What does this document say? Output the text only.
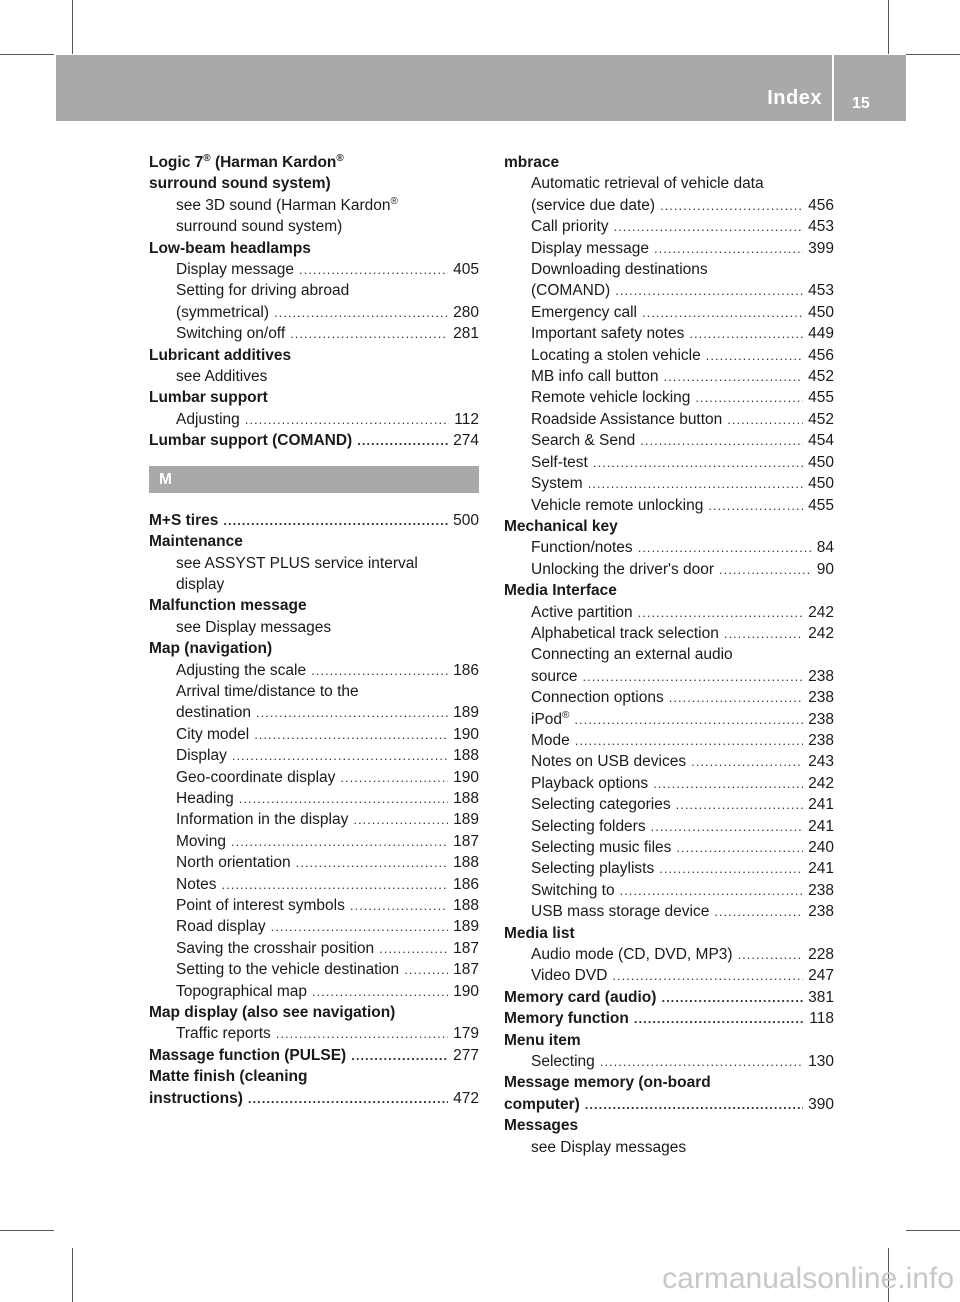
Index 15
Logic 7® (Harman Kardon®
surround sound system)
see 3D sound (Harman Kardon®
surround sound system)
Low-beam headlamps
Display message .....	405
Setting for driving abroad
(symmetrical) .....	280
Switching on/off .....	281
Lubricant additives
see Additives
Lumbar support
Adjusting .....	112
Lumbar support (COMAND) .....	274
M
M+S tires .....	500
Maintenance
see ASSYST PLUS service interval
display
Malfunction message
see Display messages
Map (navigation)
Adjusting the scale .....	186
Arrival time/distance to the
destination .....	189
City model .....	190
Display .....	188
Geo-coordinate display .....	190
Heading .....	188
Information in the display .....	189
Moving .....	187
North orientation .....	188
Notes .....	186
Point of interest symbols .....	188
Road display .....	189
Saving the crosshair position .....	187
Setting to the vehicle destination .....	187
Topographical map .....	190
Map display (also see navigation)
Traffic reports .....	179
Massage function (PULSE) .....	277
Matte finish (cleaning
instructions) .....	472
mbrace
Automatic retrieval of vehicle data
(service due date) .....	456
Call priority .....	453
Display message .....	399
Downloading destinations
(COMAND) .....	453
Emergency call .....	450
Important safety notes .....	449
Locating a stolen vehicle .....	456
MB info call button .....	452
Remote vehicle locking .....	455
Roadside Assistance button .....	452
Search & Send .....	454
Self-test .....	450
System .....	450
Vehicle remote unlocking .....	455
Mechanical key
Function/notes .....	84
Unlocking the driver's door .....	90
Media Interface
Active partition .....	242
Alphabetical track selection .....	242
Connecting an external audio
source .....	238
Connection options .....	238
iPod® .....	238
Mode .....	238
Notes on USB devices .....	243
Playback options .....	242
Selecting categories .....	241
Selecting folders .....	241
Selecting music files .....	240
Selecting playlists .....	241
Switching to .....	238
USB mass storage device .....	238
Media list
Audio mode (CD, DVD, MP3) .....	228
Video DVD .....	247
Memory card (audio) .....	381
Memory function .....	118
Menu item
Selecting .....	130
Message memory (on-board
computer) .....	390
Messages
see Display messages
carmanualsonline.info
